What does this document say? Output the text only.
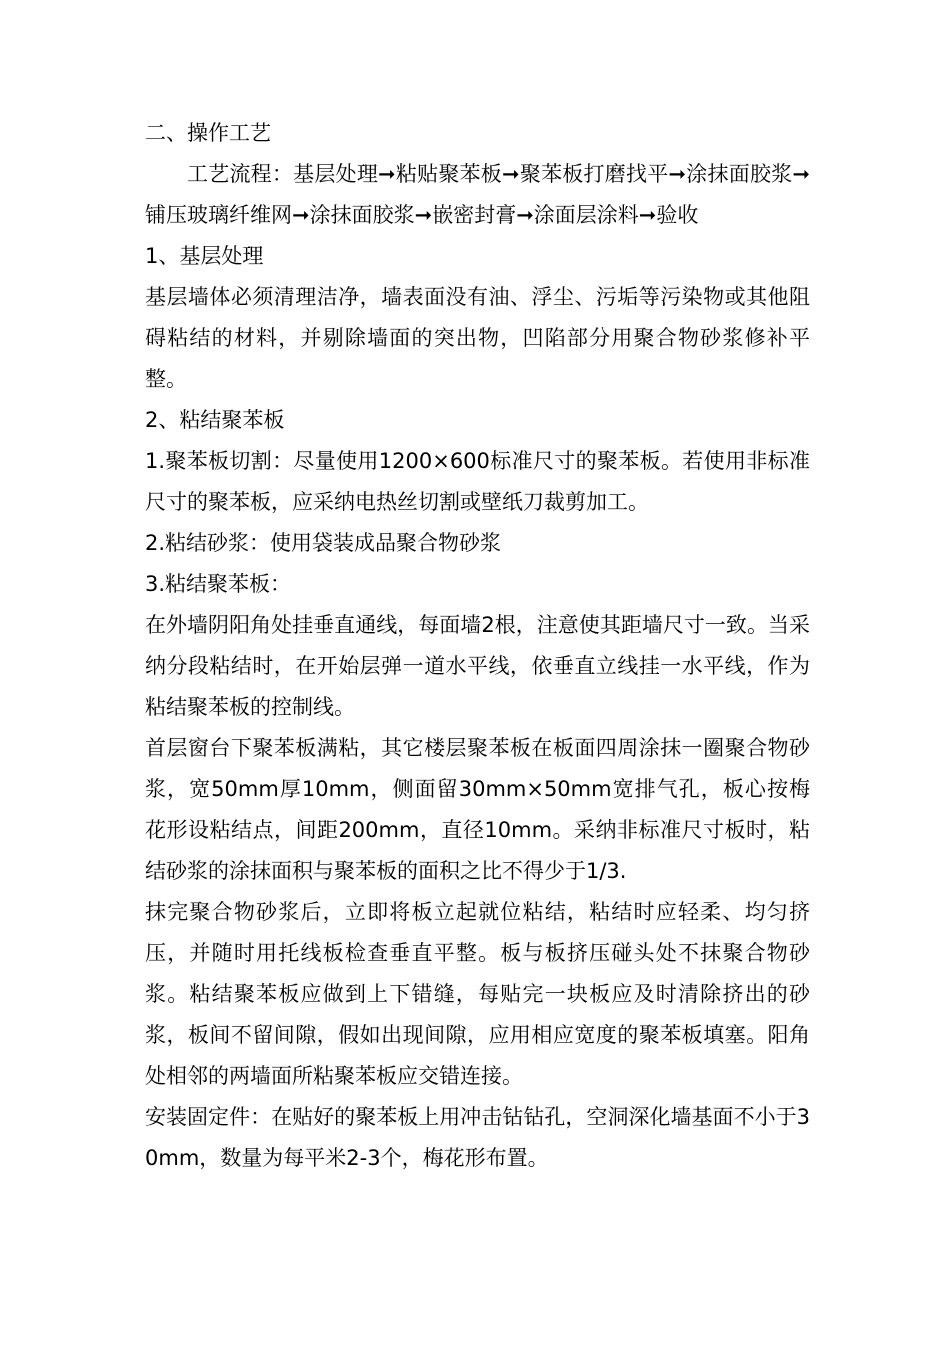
二、操作工艺

工艺流程：基层处理➞粘贴聚苯板➞聚苯板打磨找平➞涂抹面胶浆➞铺压玻璃纤维网➞涂抹面胶浆➞嵌密封膏➞涂面层涂料➞验收

1、基层处理

基层墙体必须清理洁净，墙表面没有油、浮尘、污垢等污染物或其他阻碍粘结的材料，并剔除墙面的突出物，凹陷部分用聚合物砂浆修补平整。

2、粘结聚苯板

1.聚苯板切割：尽量使用1200×600标准尺寸的聚苯板。若使用非标准尺寸的聚苯板，应采纳电热丝切割或壁纸刀裁剪加工。

2.粘结砂浆：使用袋装成品聚合物砂浆

3.粘结聚苯板：

在外墙阴阳角处挂垂直通线，每面墙2根，注意使其距墙尺寸一致。当采纳分段粘结时，在开始层弹一道水平线，依垂直立线挂一水平线，作为粘结聚苯板的控制线。

首层窗台下聚苯板满粘，其它楼层聚苯板在板面四周涂抹一圈聚合物砂浆，宽50mm厚10mm，侧面留30mm×50mm宽排气孔，板心按梅花形设粘结点，间距200mm，直径10mm。采纳非标准尺寸板时，粘结砂浆的涂抹面积与聚苯板的面积之比不得少于1/3.

抹完聚合物砂浆后，立即将板立起就位粘结，粘结时应轻柔、均匀挤压，并随时用托线板检查垂直平整。板与板挤压碰头处不抹聚合物砂浆。粘结聚苯板应做到上下错缝，每贴完一块板应及时清除挤出的砂浆，板间不留间隙，假如出现间隙，应用相应宽度的聚苯板填塞。阳角处相邻的两墙面所粘聚苯板应交错连接。

安装固定件：在贴好的聚苯板上用冲击钻钻孔，空洞深化墙基面不小于30mm，数量为每平米2-3个，梅花形布置。
